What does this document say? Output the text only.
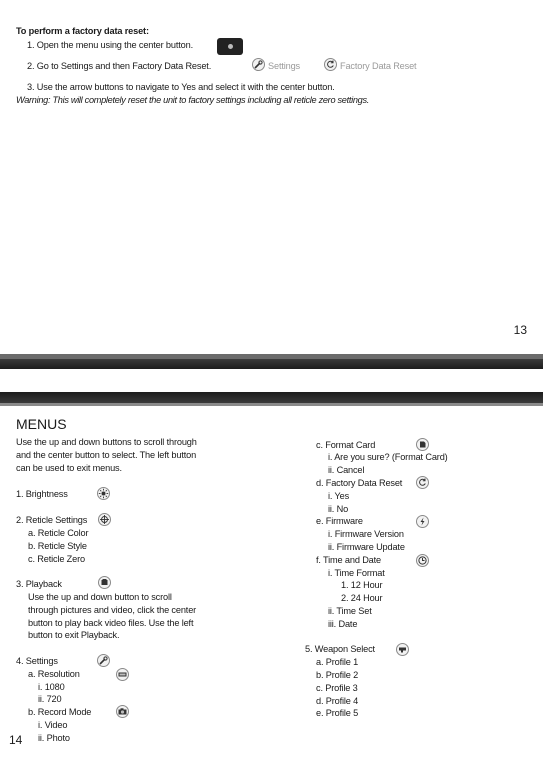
To perform a factory data reset:
1. Open the menu using the center button.
2. Go to Settings and then Factory Data Reset.	Settings	Factory Data Reset
3. Use the arrow buttons to navigate to Yes and select it with the center button.
Warning: This will completely reset the unit to factory settings including all reticle zero settings.
13
MENUS
Use the up and down buttons to scroll through
and the center button to select. The left button
can be used to exit menus.
1. Brightness
2. Reticle Settings
a. Reticle Color
b. Reticle Style
c. Reticle Zero
3. Playback
Use the up and down button to scroll
through pictures and video, click the center
button to play back video files. Use the left
button to exit Playback.
4. Settings
a. Resolution
i. 1080
ii. 720
b. Record Mode
i. Video
ii. Photo
14
c. Format Card
i. Are you sure? (Format Card)
ii. Cancel
d. Factory Data Reset
i. Yes
ii. No
e. Firmware
i. Firmware Version
ii. Firmware Update
f. Time and Date
i. Time Format
1. 12 Hour
2. 24 Hour
ii. Time Set
iii. Date
5. Weapon Select
a. Profile 1
b. Profile 2
c. Profile 3
d. Profile 4
e. Profile 5
